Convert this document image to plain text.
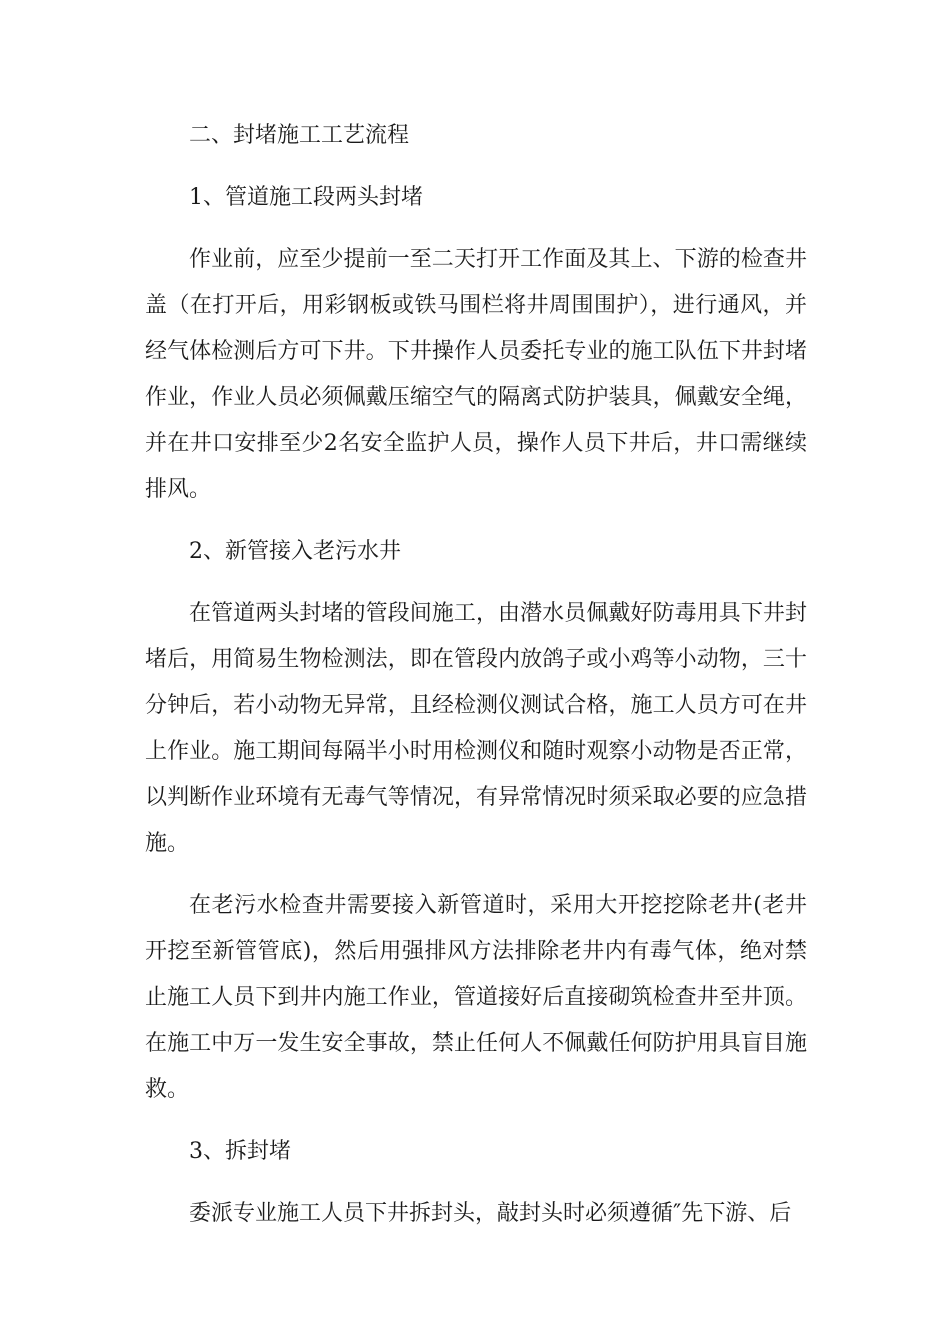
二、封堵施工工艺流程

1、管道施工段两头封堵

作业前，应至少提前一至二天打开工作面及其上、下游的检查井盖（在打开后，用彩钢板或铁马围栏将井周围围护），进行通风，并经气体检测后方可下井。下井操作人员委托专业的施工队伍下井封堵作业，作业人员必须佩戴压缩空气的隔离式防护装具，佩戴安全绳，并在井口安排至少2名安全监护人员，操作人员下井后，井口需继续排风。

2、新管接入老污水井

在管道两头封堵的管段间施工，由潜水员佩戴好防毒用具下井封堵后，用简易生物检测法，即在管段内放鸽子或小鸡等小动物，三十分钟后，若小动物无异常，且经检测仪测试合格，施工人员方可在井上作业。施工期间每隔半小时用检测仪和随时观察小动物是否正常，以判断作业环境有无毒气等情况，有异常情况时须采取必要的应急措施。

在老污水检查井需要接入新管道时，采用大开挖挖除老井(老井开挖至新管管底)，然后用强排风方法排除老井内有毒气体，绝对禁止施工人员下到井内施工作业，管道接好后直接砌筑检查井至井顶。在施工中万一发生安全事故，禁止任何人不佩戴任何防护用具盲目施救。

3、拆封堵

委派专业施工人员下井拆封头，敲封头时必须遵循″先下游、后
